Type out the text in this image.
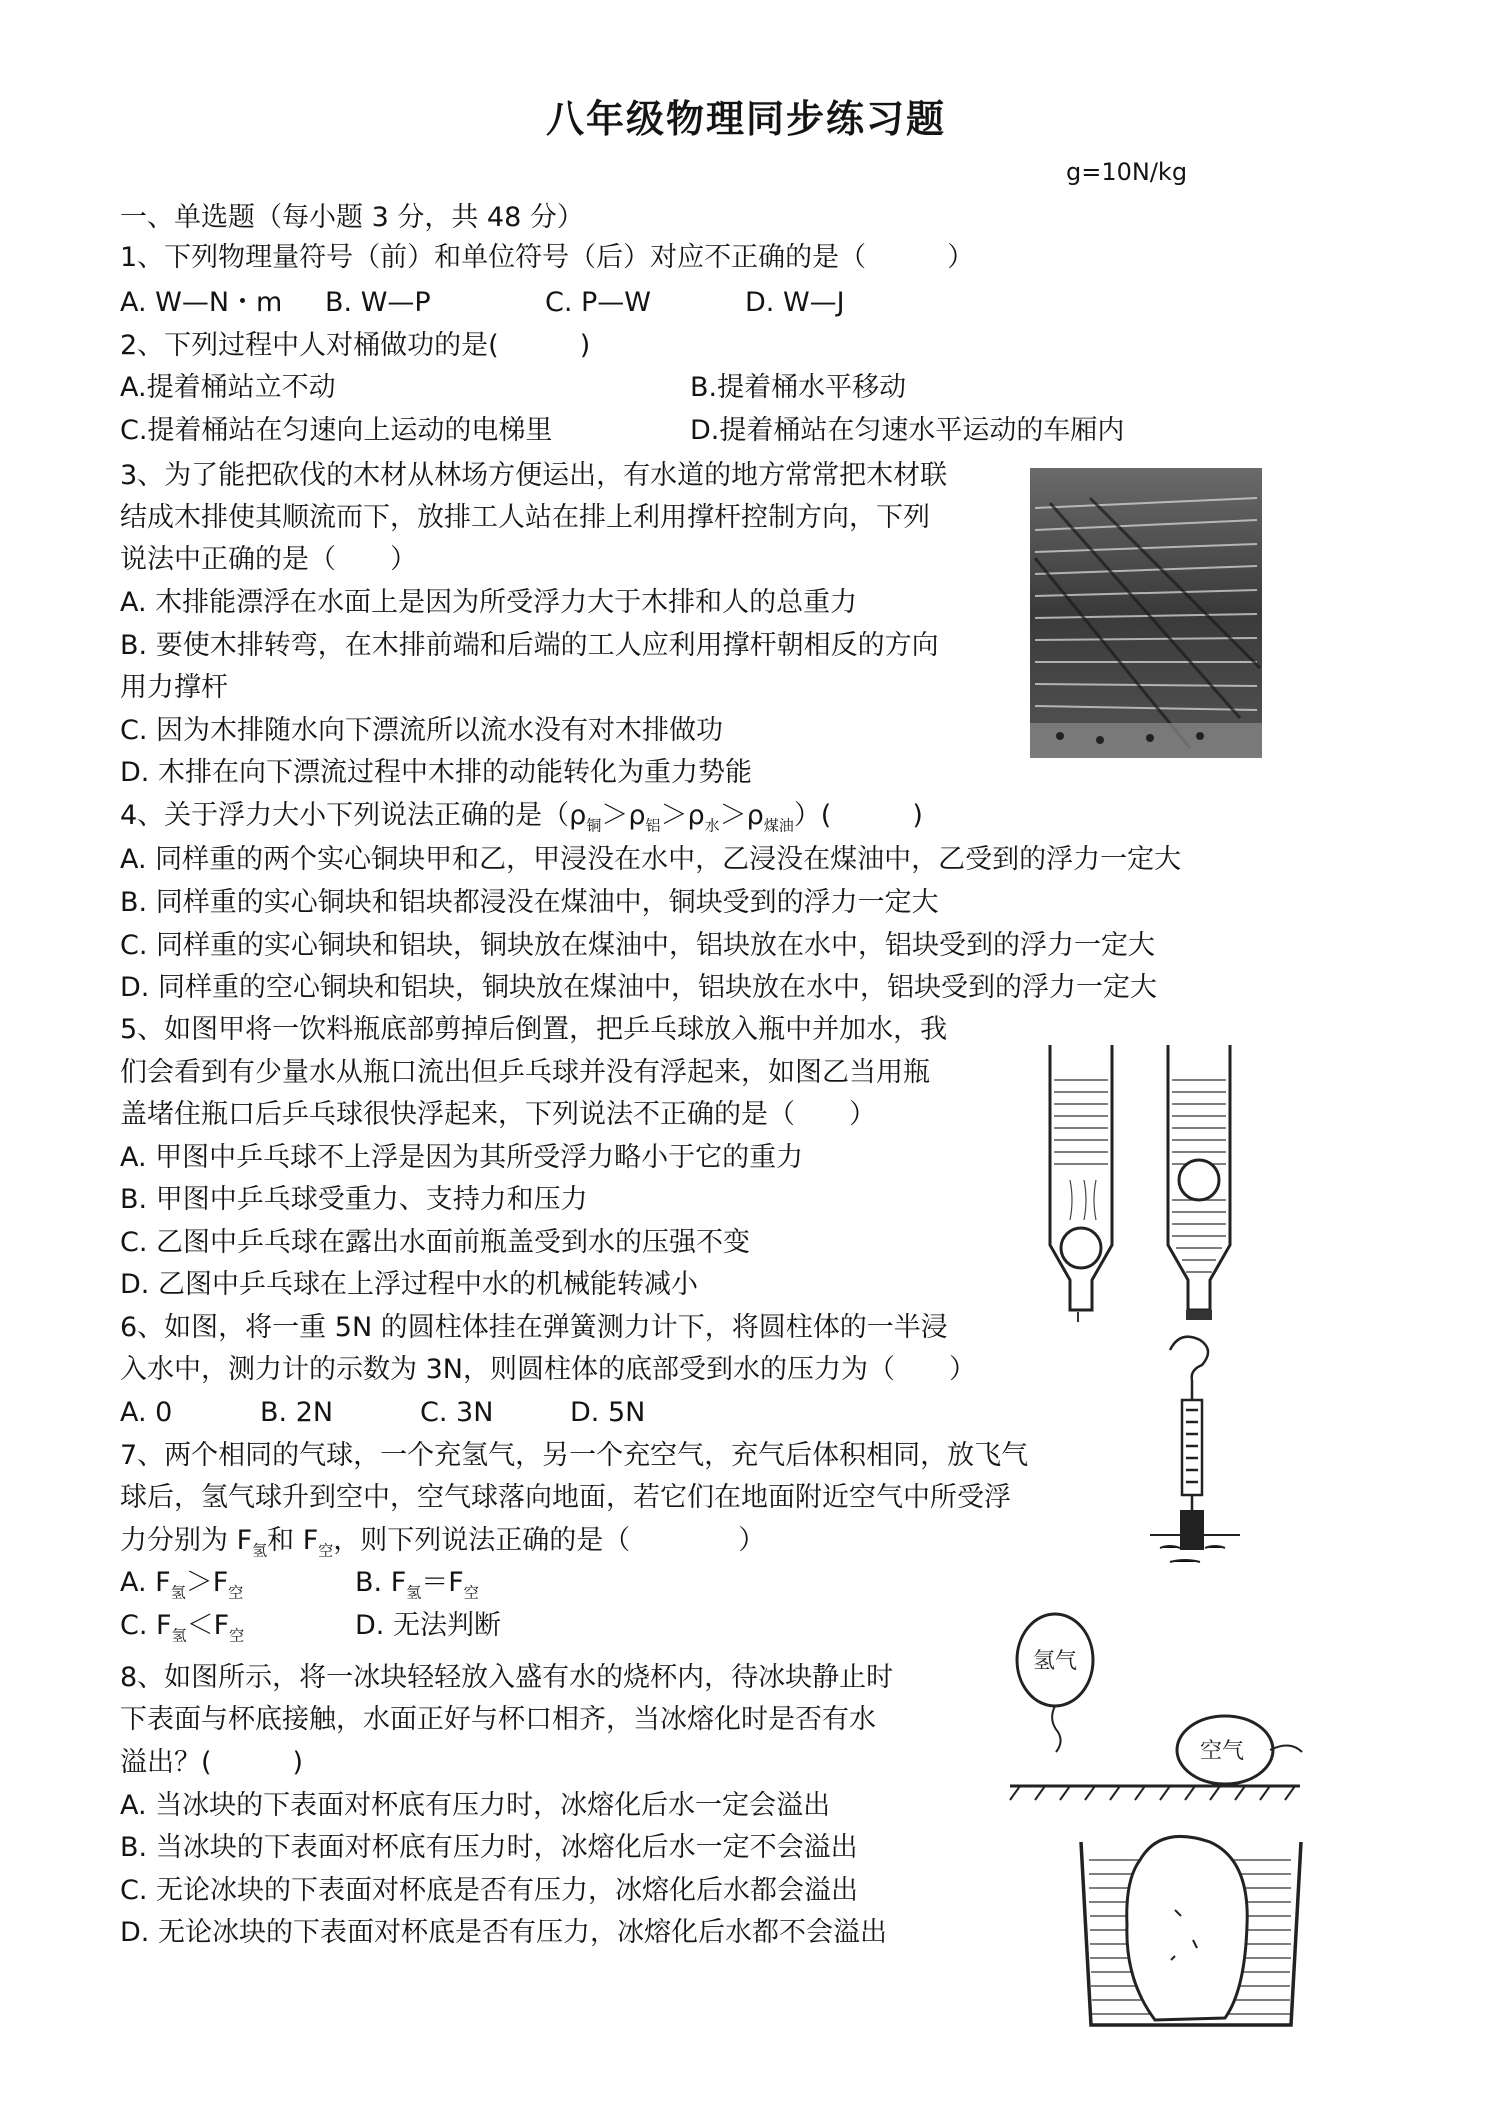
八年级物理同步练习题
g=10N/kg
一、单选题（每小题 3 分，共 48 分）
1、下列物理量符号（前）和单位符号（后）对应不正确的是（　　　）
A. W—N・m B. W—P	C. P—W	D. W—J
2、下列过程中人对桶做功的是(　　　)
A.提着桶站立不动	B.提着桶水平移动
C.提着桶站在匀速向上运动的电梯里	D.提着桶站在匀速水平运动的车厢内
3、为了能把砍伐的木材从林场方便运出，有水道的地方常常把木材联
结成木排使其顺流而下，放排工人站在排上利用撑杆控制方向，下列
说法中正确的是（　　）
A. 木排能漂浮在水面上是因为所受浮力大于木排和人的总重力
B. 要使木排转弯，在木排前端和后端的工人应利用撑杆朝相反的方向
用力撑杆
C. 因为木排随水向下漂流所以流水没有对木排做功
D. 木排在向下漂流过程中木排的动能转化为重力势能
4、关于浮力大小下列说法正确的是$(\rho_铜>\rho_铝>\rho_水>\rho_{煤油})$(　　　)
A. 同样重的两个实心铜块甲和乙，甲浸没在水中，乙浸没在煤油中，乙受到的浮力一定大
B. 同样重的实心铜块和铝块都浸没在煤油中，铜块受到的浮力一定大
C. 同样重的实心铜块和铝块，铜块放在煤油中，铝块放在水中，铝块受到的浮力一定大
D. 同样重的空心铜块和铝块，铜块放在煤油中，铝块放在水中，铝块受到的浮力一定大
5、如图甲将一饮料瓶底部剪掉后倒置，把乒乓球放入瓶中并加水，我
们会看到有少量水从瓶口流出但乒乓球并没有浮起来，如图乙当用瓶
盖堵住瓶口后乒乓球很快浮起来，下列说法不正确的是（　　）
A. 甲图中乒乓球不上浮是因为其所受浮力略小于它的重力
B. 甲图中乒乓球受重力、支持力和压力
C. 乙图中乒乓球在露出水面前瓶盖受到水的压强不变
D. 乙图中乒乓球在上浮过程中水的机械能转减小
6、如图，将一重 5N 的圆柱体挂在弹簧测力计下，将圆柱体的一半浸
入水中，测力计的示数为 3N，则圆柱体的底部受到水的压力为（　　）
A. 0	B. 2N	C. 3N	D. 5N
7、两个相同的气球，一个充氢气，另一个充空气，充气后体积相同，放飞气
球后，氢气球升到空中，空气球落向地面，若它们在地面附近空气中所受浮
力分别为 $F_氢$和 $F_空$，则下列说法正确的是（　　　　）
A. $F_氢>F_空$	B. $F_氢=F_空$
C. $F_氢<F_空$	D. 无法判断
8、如图所示，将一冰块轻轻放入盛有水的烧杯内，待冰块静止时
下表面与杯底接触，水面正好与杯口相齐，当冰熔化时是否有水
溢出？(　　　)
A. 当冰块的下表面对杯底有压力时，冰熔化后水一定会溢出
B. 当冰块的下表面对杯底有压力时，冰熔化后水一定不会溢出
C. 无论冰块的下表面对杯底是否有压力，冰熔化后水都会溢出
D. 无论冰块的下表面对杯底是否有压力，冰熔化后水都不会溢出
氢气
空气
